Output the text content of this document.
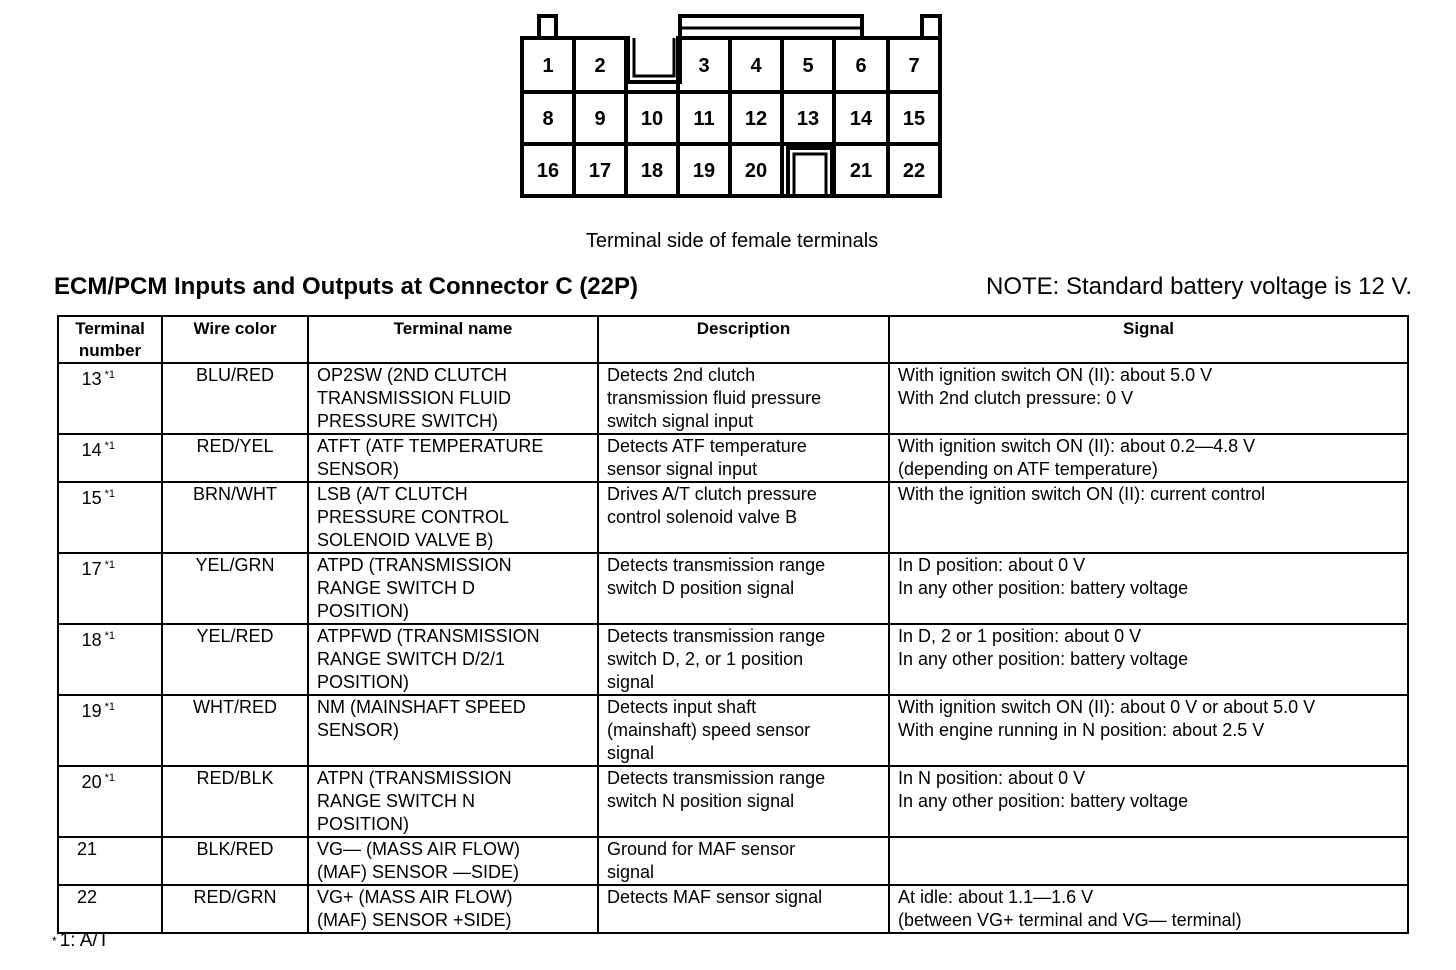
1 2	3 4 5 6 7
8 9 10 11 12 13 14 15
16 17 18 19 20	21 22
Terminal side of female terminals
ECM/PCM Inputs and Outputs at Connector C (22P)	NOTE: Standard battery voltage is 12 V.
Terminal
number	Wire color	Terminal name	Description	Signal
13 $^{*1}$	BLU/RED	OP2SW (2ND CLUTCH
TRANSMISSION FLUID
PRESSURE SWITCH)	Detects 2nd clutch
transmission fluid pressure
switch signal input	With ignition switch ON (II): about 5.0 V
With 2nd clutch pressure: 0 V

14 $^{*1}$	RED/YEL	ATFT (ATF TEMPERATURE
SENSOR)	Detects ATF temperature
sensor signal input	With ignition switch ON (II): about 0.2—4.8 V
(depending on ATF temperature)

15 $^{*1}$	BRN/WHT	LSB (A/T CLUTCH
PRESSURE CONTROL
SOLENOID VALVE B)	Drives A/T clutch pressure
control solenoid valve B	With the ignition switch ON (II): current control

17 $^{*1}$	YEL/GRN	ATPD (TRANSMISSION
RANGE SWITCH D
POSITION)	Detects transmission range
switch D position signal	In D position: about 0 V
In any other position: battery voltage

18 $^{*1}$	YEL/RED	ATPFWD (TRANSMISSION
RANGE SWITCH D/2/1
POSITION)	Detects transmission range
switch D, 2, or 1 position
signal	In D, 2 or 1 position: about 0 V
In any other position: battery voltage

19 $^{*1}$	WHT/RED	NM (MAINSHAFT SPEED
SENSOR)	Detects input shaft
(mainshaft) speed sensor
signal	With ignition switch ON (II): about 0 V or about 5.0 V
With engine running in N position: about 2.5 V

20 $^{*1}$	RED/BLK	ATPN (TRANSMISSION
RANGE SWITCH N
POSITION)	Detects transmission range
switch N position signal	In N position: about 0 V
In any other position: battery voltage

21	BLK/RED	VG— (MASS AIR FLOW)
(MAF) SENSOR —SIDE)	Ground for MAF sensor
signal	

22	RED/GRN	VG+ (MASS AIR FLOW)
(MAF) SENSOR +SIDE)	Detects MAF sensor signal	At idle: about 1.1—1.6 V
(between VG+ terminal and VG— terminal)
* 1: A/T
